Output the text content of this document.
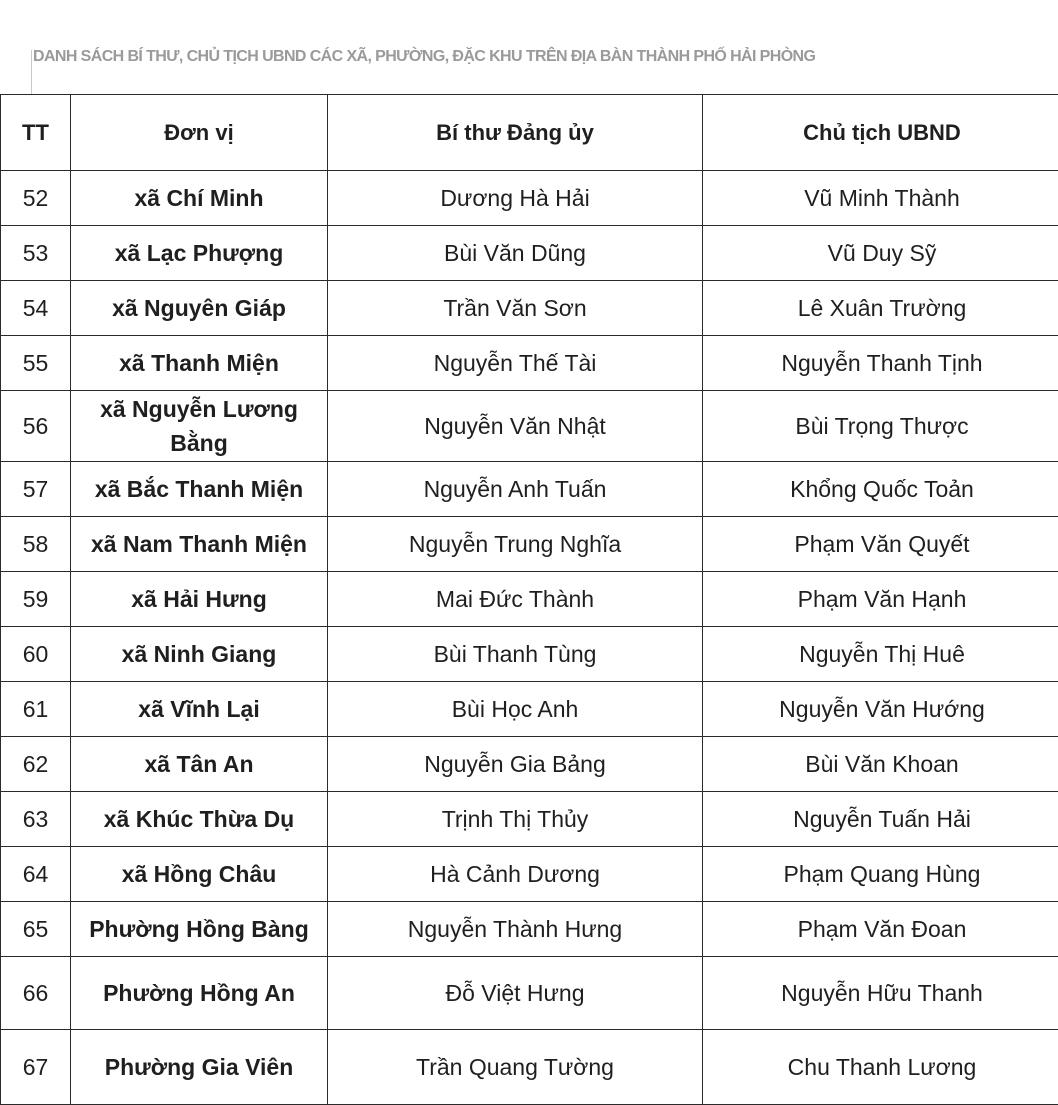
DANH SÁCH BÍ THƯ, CHỦ TỊCH UBND CÁC XÃ, PHƯỜNG, ĐẶC KHU TRÊN ĐỊA BÀN THÀNH PHỐ HẢI PHÒNG
TT	Đơn vị	Bí thư Đảng ủy	Chủ tịch UBND
52	xã Chí Minh	Dương Hà Hải	Vũ Minh Thành
53	xã Lạc Phượng	Bùi Văn Dũng	Vũ Duy Sỹ
54	xã Nguyên Giáp	Trần Văn Sơn	Lê Xuân Trường
55	xã Thanh Miện	Nguyễn Thế Tài	Nguyễn Thanh Tịnh
56	xã Nguyễn Lương Bằng	Nguyễn Văn Nhật	Bùi Trọng Thược
57	xã Bắc Thanh Miện	Nguyễn Anh Tuấn	Khổng Quốc Toản
58	xã Nam Thanh Miện	Nguyễn Trung Nghĩa	Phạm Văn Quyết
59	xã Hải Hưng	Mai Đức Thành	Phạm Văn Hạnh
60	xã Ninh Giang	Bùi Thanh Tùng	Nguyễn Thị Huê
61	xã Vĩnh Lại	Bùi Học Anh	Nguyễn Văn Hướng
62	xã Tân An	Nguyễn Gia Bảng	Bùi Văn Khoan
63	xã Khúc Thừa Dụ	Trịnh Thị Thủy	Nguyễn Tuấn Hải
64	xã Hồng Châu	Hà Cảnh Dương	Phạm Quang Hùng
65	Phường Hồng Bàng	Nguyễn Thành Hưng	Phạm Văn Đoan
66	Phường Hồng An	Đỗ Việt Hưng	Nguyễn Hữu Thanh
67	Phường Gia Viên	Trần Quang Tường	Chu Thanh Lương
